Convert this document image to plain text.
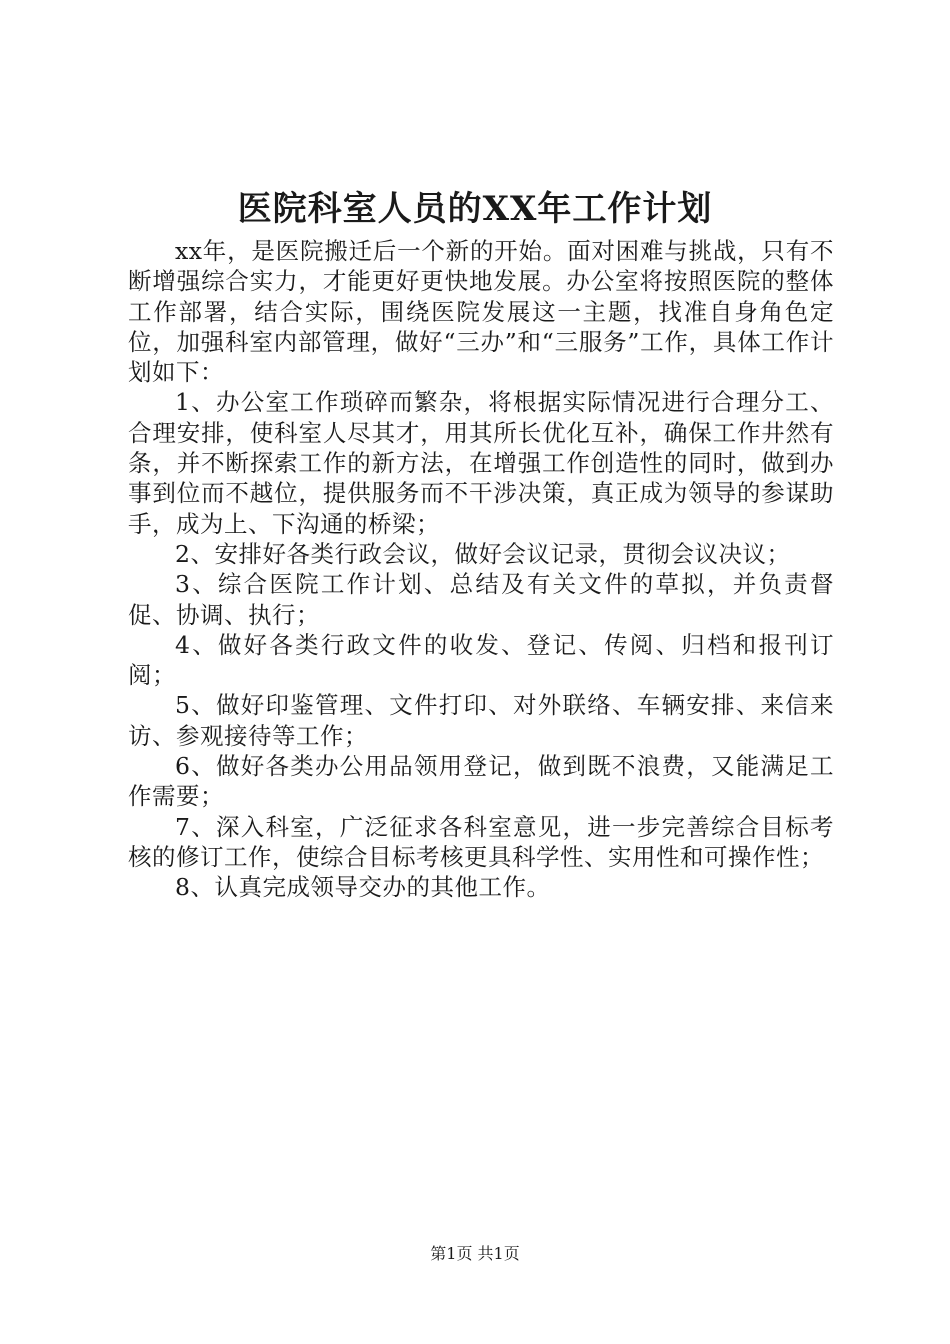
医院科室人员的XX年工作计划

xx年，是医院搬迁后一个新的开始。面对困难与挑战，只有不断增强综合实力，才能更好更快地发展。办公室将按照医院的整体工作部署，结合实际，围绕医院发展这一主题，找准自身角色定位，加强科室内部管理，做好“三办”和“三服务”工作，具体工作计划如下：

1、办公室工作琐碎而繁杂，将根据实际情况进行合理分工、合理安排，使科室人尽其才，用其所长优化互补，确保工作井然有条，并不断探索工作的新方法，在增强工作创造性的同时，做到办事到位而不越位，提供服务而不干涉决策，真正成为领导的参谋助手，成为上、下沟通的桥梁；

2、安排好各类行政会议，做好会议记录，贯彻会议决议；

3、综合医院工作计划、总结及有关文件的草拟，并负责督促、协调、执行；

4、做好各类行政文件的收发、登记、传阅、归档和报刊订阅；

5、做好印鉴管理、文件打印、对外联络、车辆安排、来信来访、参观接待等工作；

6、做好各类办公用品领用登记，做到既不浪费，又能满足工作需要；

7、深入科室，广泛征求各科室意见，进一步完善综合目标考核的修订工作，使综合目标考核更具科学性、实用性和可操作性；

8、认真完成领导交办的其他工作。

第1页 共1页
